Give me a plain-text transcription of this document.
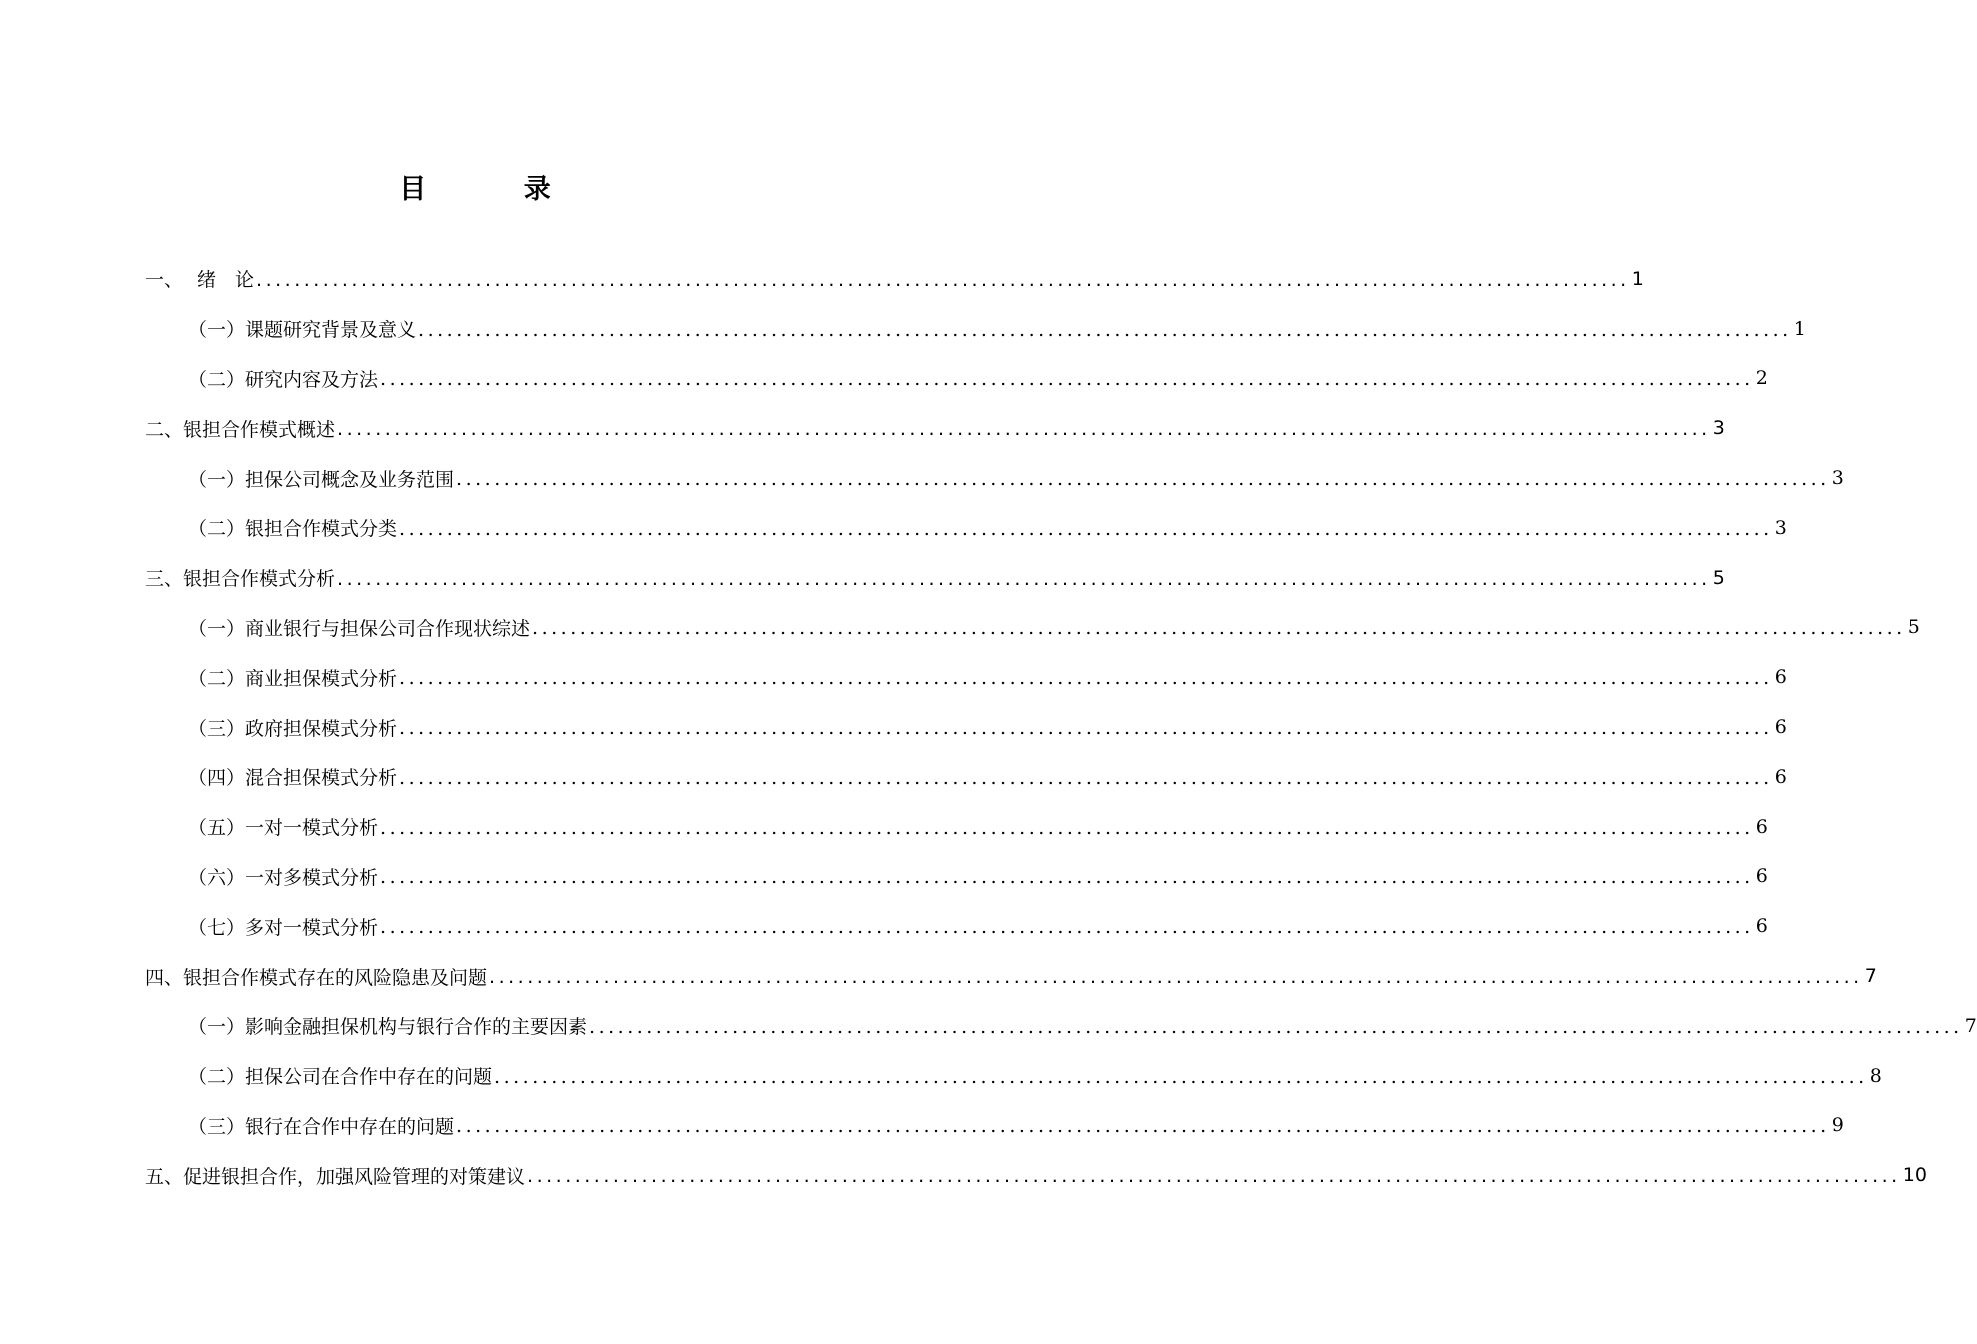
目 录
一、 绪　论 ................................................................................................................................................ 1
（一）课题研究背景及意义 ................................................................................................................................................ 1
（二）研究内容及方法 ................................................................................................................................................ 2
二、银担合作模式概述 ................................................................................................................................................ 3
（一）担保公司概念及业务范围 ................................................................................................................................................ 3
（二）银担合作模式分类 ................................................................................................................................................ 3
三、银担合作模式分析 ................................................................................................................................................ 5
（一）商业银行与担保公司合作现状综述 ................................................................................................................................................ 5
（二）商业担保模式分析 ................................................................................................................................................ 6
（三）政府担保模式分析 ................................................................................................................................................ 6
（四）混合担保模式分析 ................................................................................................................................................ 6
（五）一对一模式分析 ................................................................................................................................................ 6
（六）一对多模式分析 ................................................................................................................................................ 6
（七）多对一模式分析 ................................................................................................................................................ 6
四、银担合作模式存在的风险隐患及问题 ................................................................................................................................................ 7
（一）影响金融担保机构与银行合作的主要因素 ................................................................................................................................................ 7
（二）担保公司在合作中存在的问题 ................................................................................................................................................ 8
（三）银行在合作中存在的问题 ................................................................................................................................................ 9
五、促进银担合作，加强风险管理的对策建议 ................................................................................................................................................ 10
